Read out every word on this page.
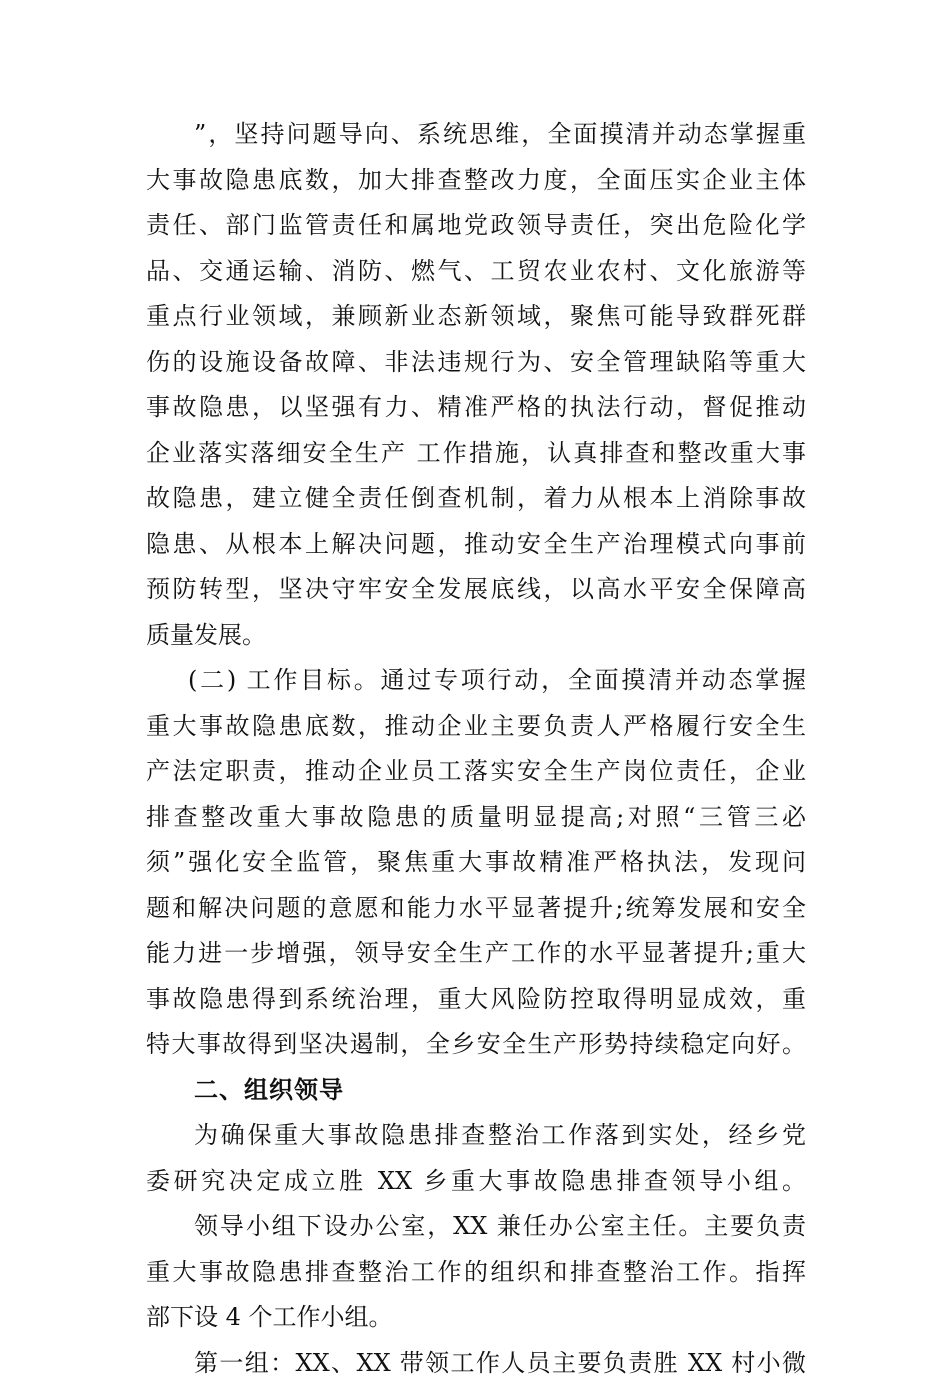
”，坚持问题导向、系统思维，全面摸清并动态掌握重
大事故隐患底数，加大排查整改力度，全面压实企业主体
责任、部门监管责任和属地党政领导责任，突出危险化学
品、交通运输、消防、燃气、工贸农业农村、文化旅游等
重点行业领域，兼顾新业态新领域，聚焦可能导致群死群
伤的设施设备故障、非法违规行为、安全管理缺陷等重大
事故隐患，以坚强有力、精准严格的执法行动，督促推动
企业落实落细安全生产 工作措施，认真排查和整改重大事
故隐患，建立健全责任倒查机制，着力从根本上消除事故
隐患、从根本上解决问题，推动安全生产治理模式向事前
预防转型，坚决守牢安全发展底线，以高水平安全保障高
质量发展。
(二) 工作目标。通过专项行动，全面摸清并动态掌握
重大事故隐患底数，推动企业主要负责人严格履行安全生
产法定职责，推动企业员工落实安全生产岗位责任，企业
排查整改重大事故隐患的质量明显提高;对照“三管三必
须”强化安全监管，聚焦重大事故精准严格执法，发现问
题和解决问题的意愿和能力水平显著提升;统筹发展和安全
能力进一步增强，领导安全生产工作的水平显著提升;重大
事故隐患得到系统治理，重大风险防控取得明显成效，重
特大事故得到坚决遏制，全乡安全生产形势持续稳定向好。
二、组织领导
为确保重大事故隐患排查整治工作落到实处，经乡党
委研究决定成立胜 XX 乡重大事故隐患排查领导小组。
领导小组下设办公室，XX 兼任办公室主任。主要负责
重大事故隐患排查整治工作的组织和排查整治工作。指挥
部下设 4 个工作小组。
第一组：XX、XX 带领工作人员主要负责胜 XX 村小微
